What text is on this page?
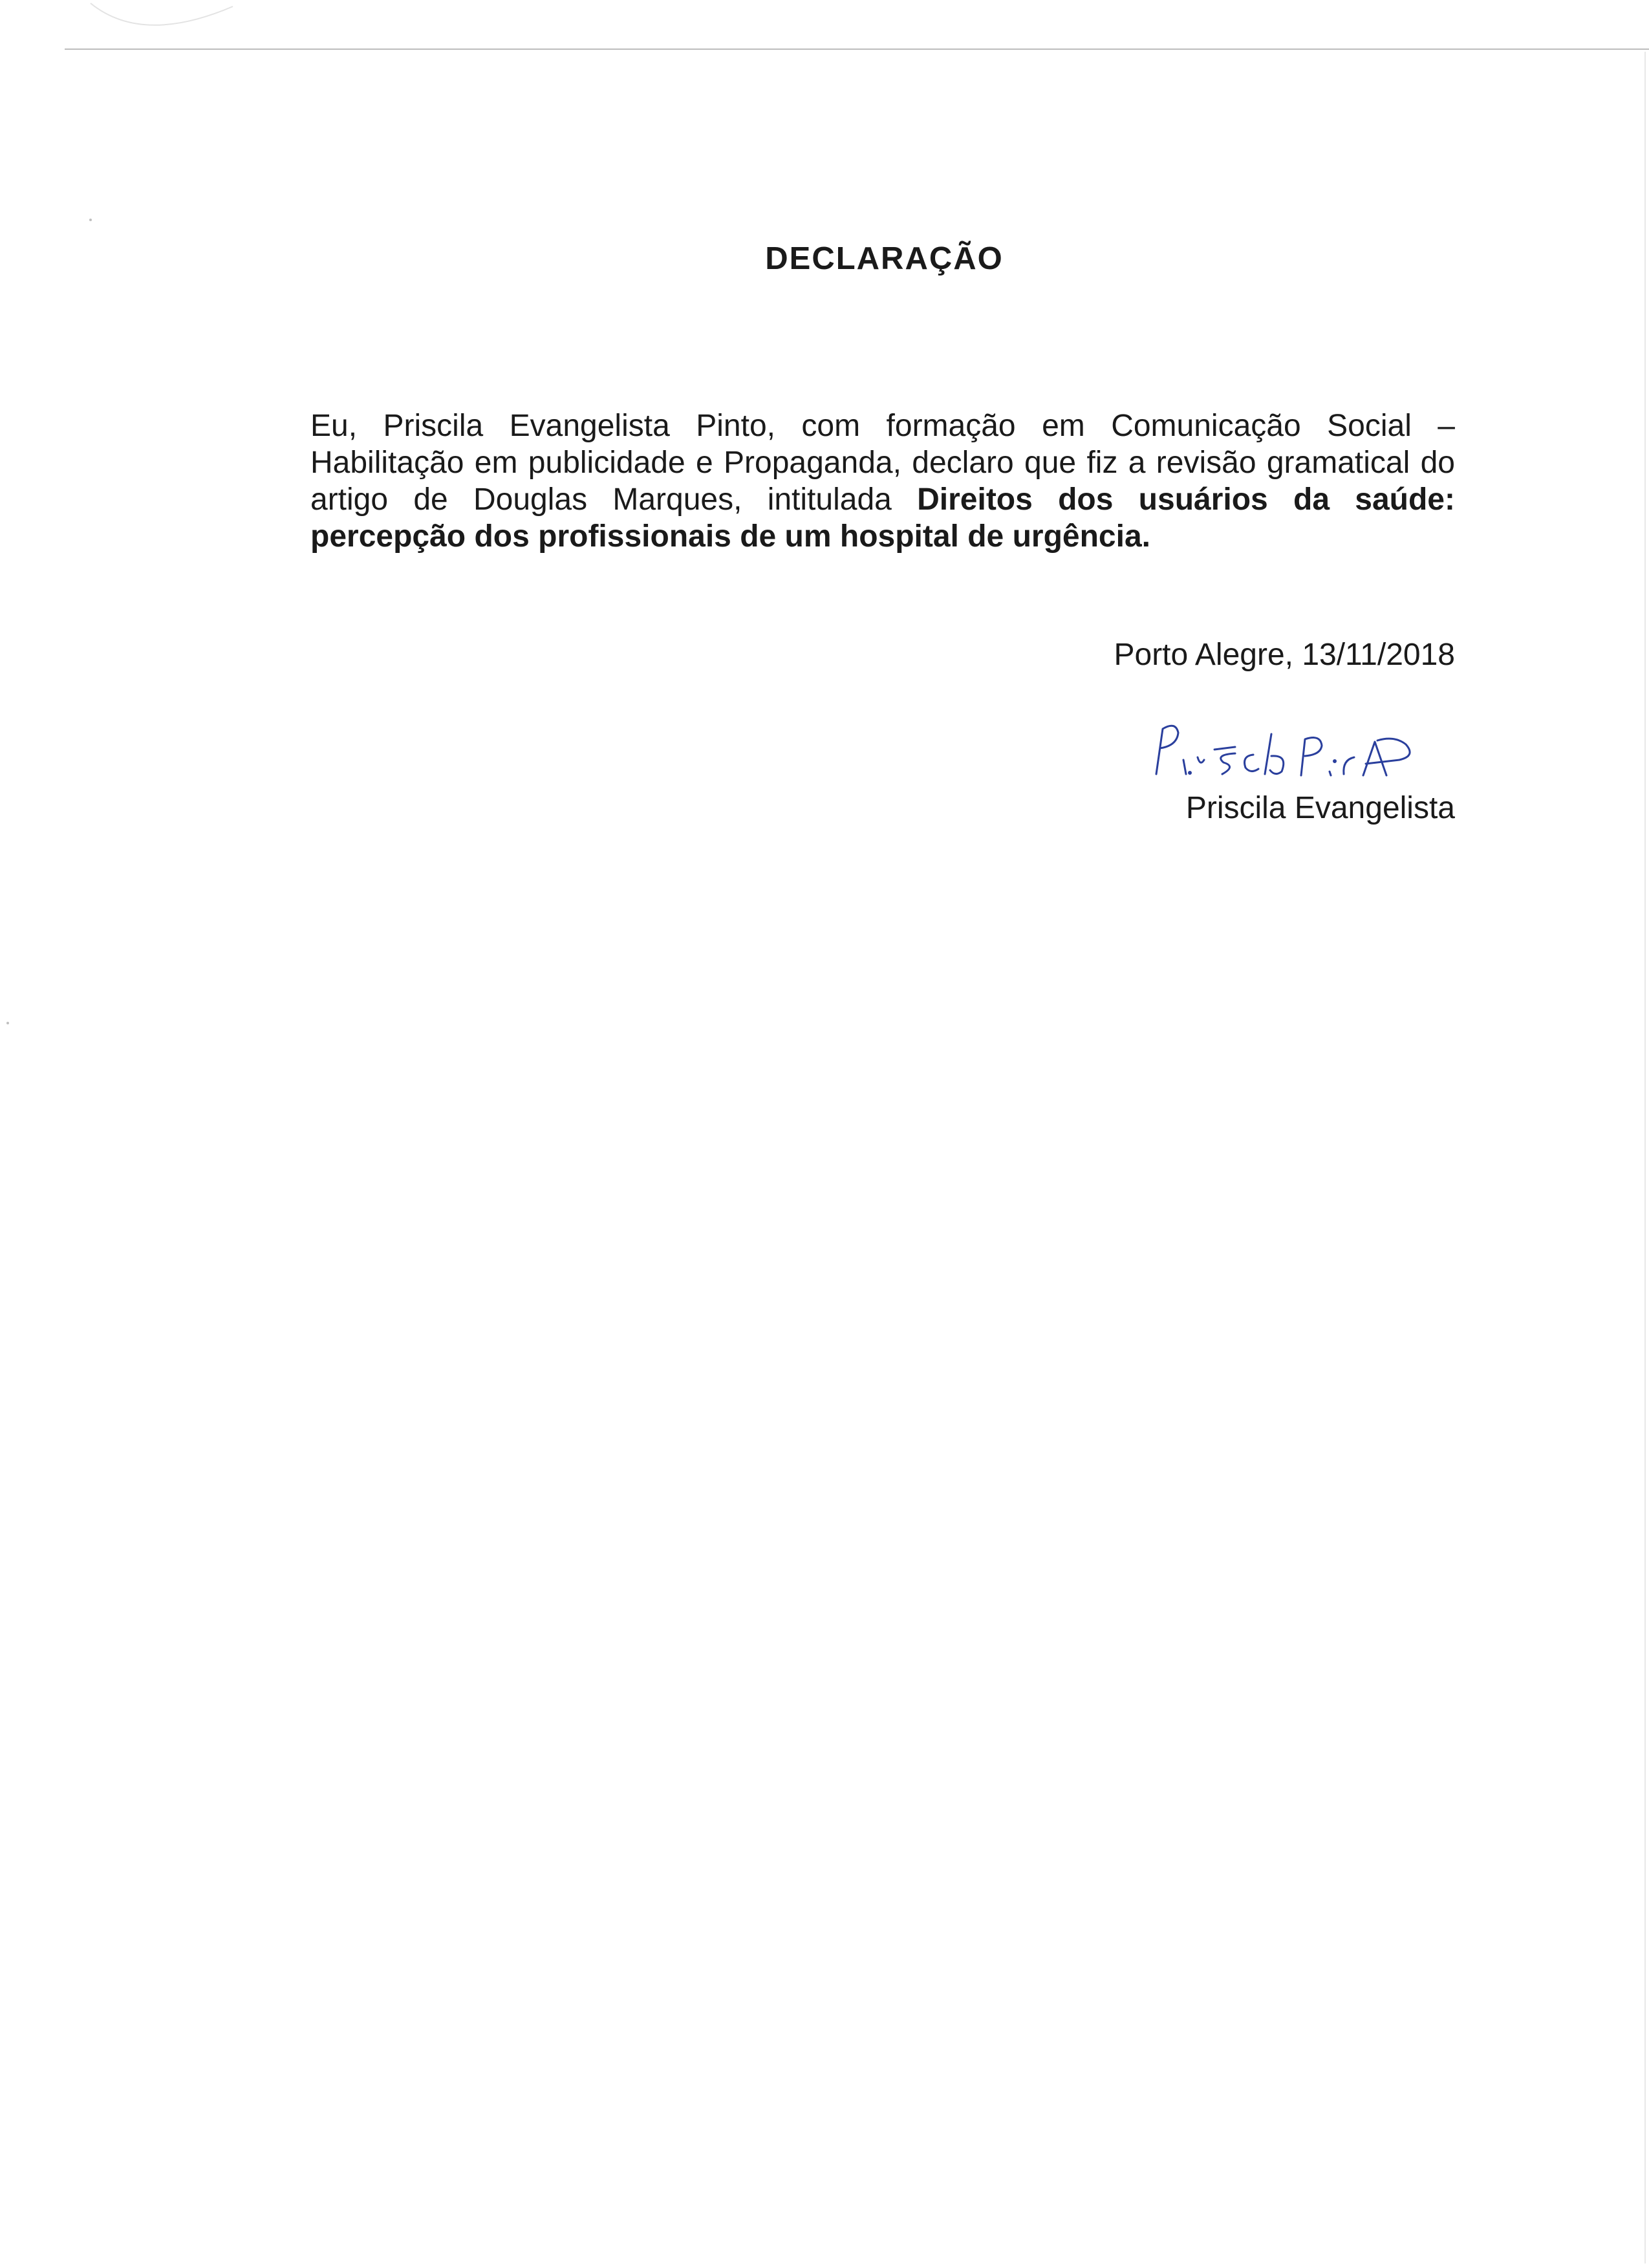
DECLARAÇÃO

Eu, Priscila Evangelista Pinto, com formação em Comunicação Social – Habilitação em publicidade e Propaganda, declaro que fiz a revisão gramatical do artigo de Douglas Marques, intitulada Direitos dos usuários da saúde: percepção dos profissionais de um hospital de urgência.

Porto Alegre, 13/11/2018
Priscila Evangelista
